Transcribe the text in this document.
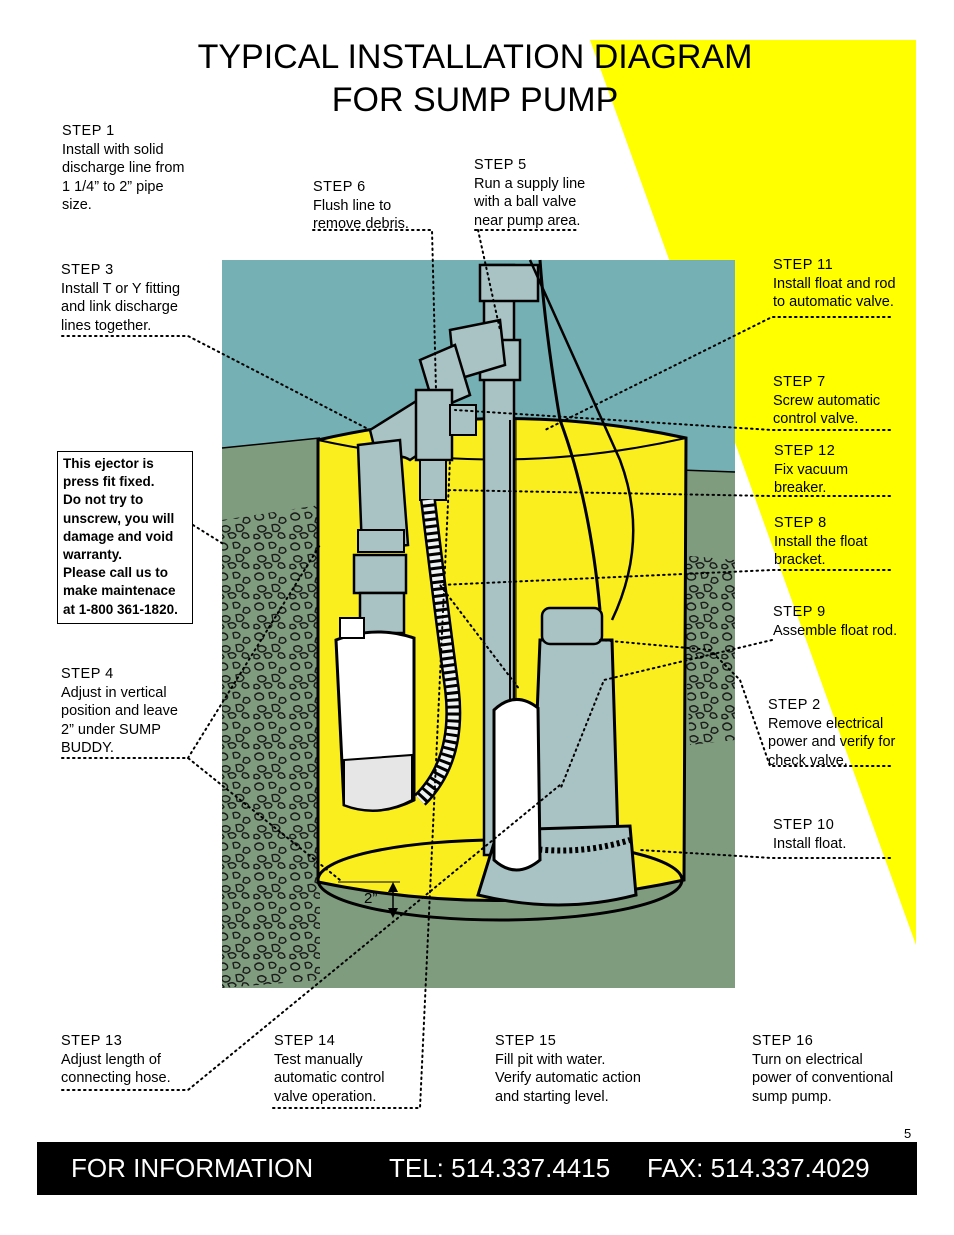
TYPICAL INSTALLATION DIAGRAM
FOR SUMP PUMP
STEP 1
Install with solid
discharge line from
1 1/4” to 2” pipe
size.
STEP 3
Install T or Y fitting
and link discharge
lines together.
STEP 4
Adjust in vertical
position and leave
2” under SUMP
BUDDY.
STEP 5
Run a supply line
with a ball valve
near pump area.
STEP 6
Flush line to
remove debris.
STEP 11
Install float and rod
to automatic valve.
STEP 7
Screw automatic
control valve.
STEP 12
Fix vacuum
breaker.
STEP 8
Install the float
bracket.
STEP 9
Assemble float rod.
STEP 2
Remove electrical
power and verify for
check valve.
STEP 10
Install float.
STEP 13
Adjust length of
connecting hose.
STEP 14
Test manually
automatic control
valve operation.
STEP 15
Fill pit with water.
Verify automatic action
and starting level.
STEP 16
Turn on electrical
power of conventional
sump pump.
This ejector is
press fit fixed.
Do not try to
unscrew, you will
damage and void
warranty.
Please call us to
make maintenace
at 1-800 361-1820.
2”
5
FOR INFORMATION	TEL: 514.337.4415 FAX: 514.337.4029
